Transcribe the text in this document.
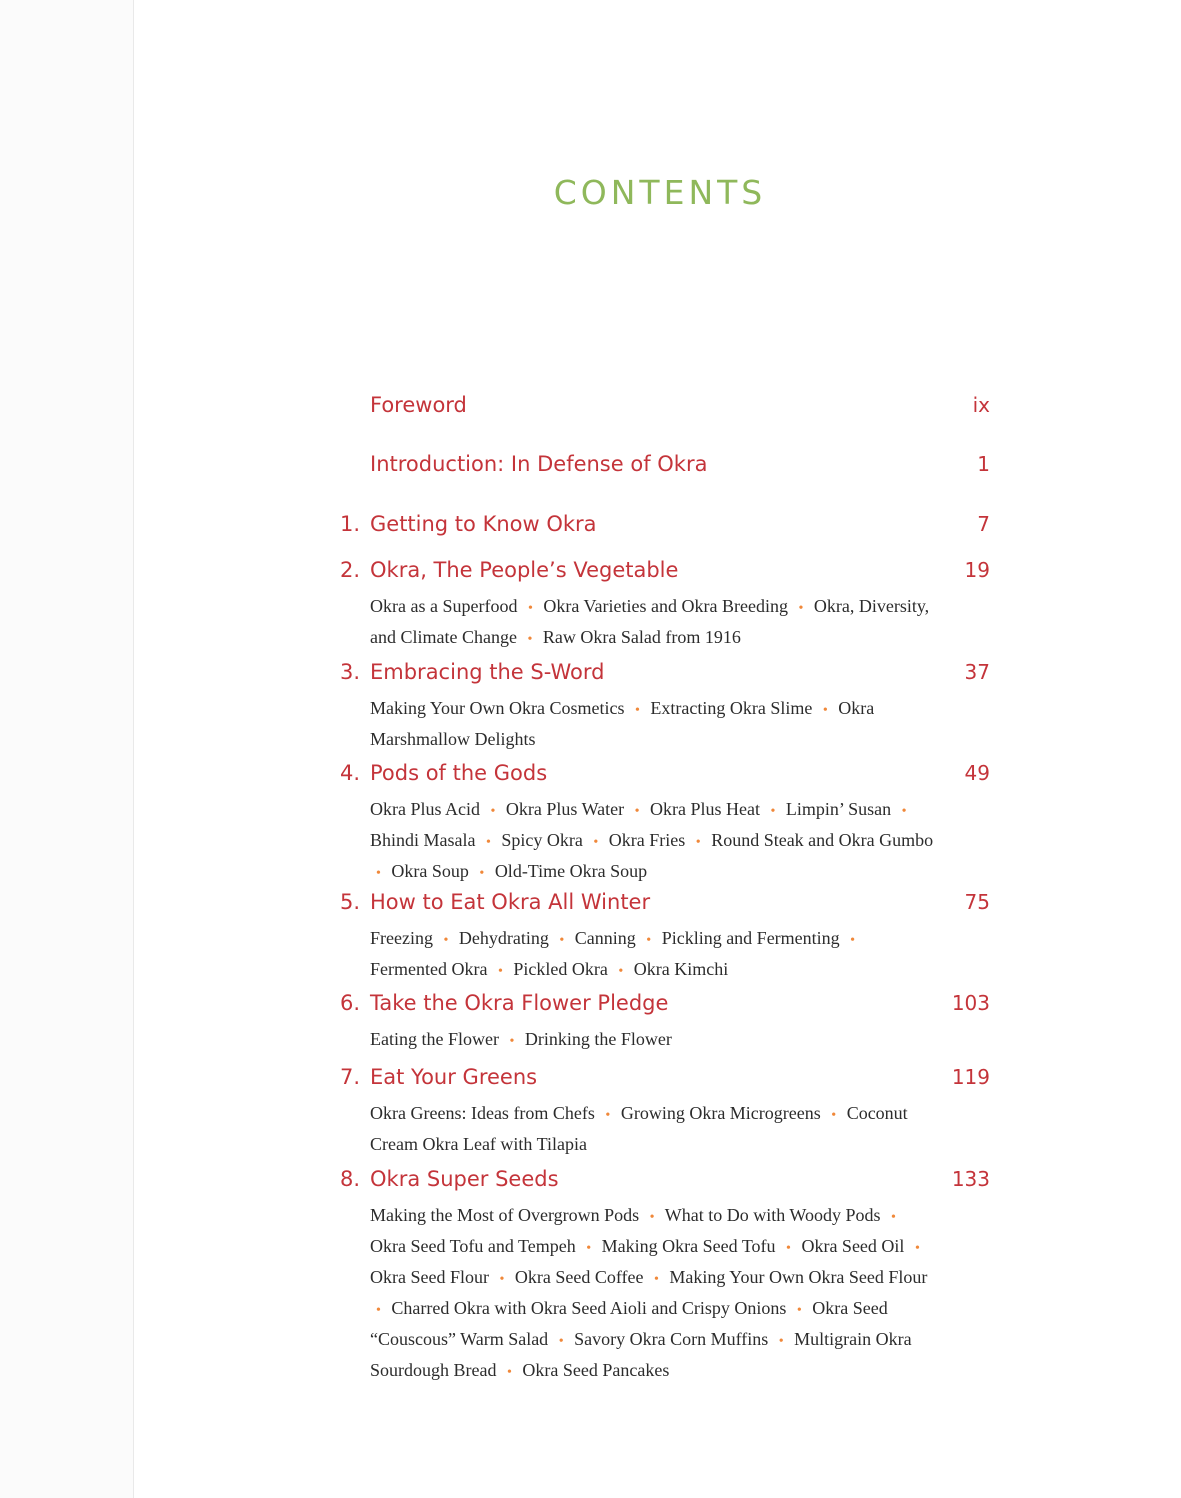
CONTENTS
Foreword	ix
Introduction: In Defense of Okra	1
1. Getting to Know Okra	7
2. Okra, The People’s Vegetable	19
Okra as a Superfood • Okra Varieties and Okra Breeding • Okra, Diversity, and Climate Change • Raw Okra Salad from 1916
3. Embracing the S-Word	37
Making Your Own Okra Cosmetics • Extracting Okra Slime • Okra Marshmallow Delights
4. Pods of the Gods	49
Okra Plus Acid • Okra Plus Water • Okra Plus Heat • Limpin’ Susan • Bhindi Masala • Spicy Okra • Okra Fries • Round Steak and Okra Gumbo • Okra Soup • Old-Time Okra Soup
5. How to Eat Okra All Winter	75
Freezing • Dehydrating • Canning • Pickling and Fermenting • Fermented Okra • Pickled Okra • Okra Kimchi
6. Take the Okra Flower Pledge	103
Eating the Flower • Drinking the Flower
7. Eat Your Greens	119
Okra Greens: Ideas from Chefs • Growing Okra Microgreens • Coconut Cream Okra Leaf with Tilapia
8. Okra Super Seeds	133
Making the Most of Overgrown Pods • What to Do with Woody Pods • Okra Seed Tofu and Tempeh • Making Okra Seed Tofu • Okra Seed Oil • Okra Seed Flour • Okra Seed Coffee • Making Your Own Okra Seed Flour • Charred Okra with Okra Seed Aioli and Crispy Onions • Okra Seed “Couscous” Warm Salad • Savory Okra Corn Muffins • Multigrain Okra Sourdough Bread • Okra Seed Pancakes
